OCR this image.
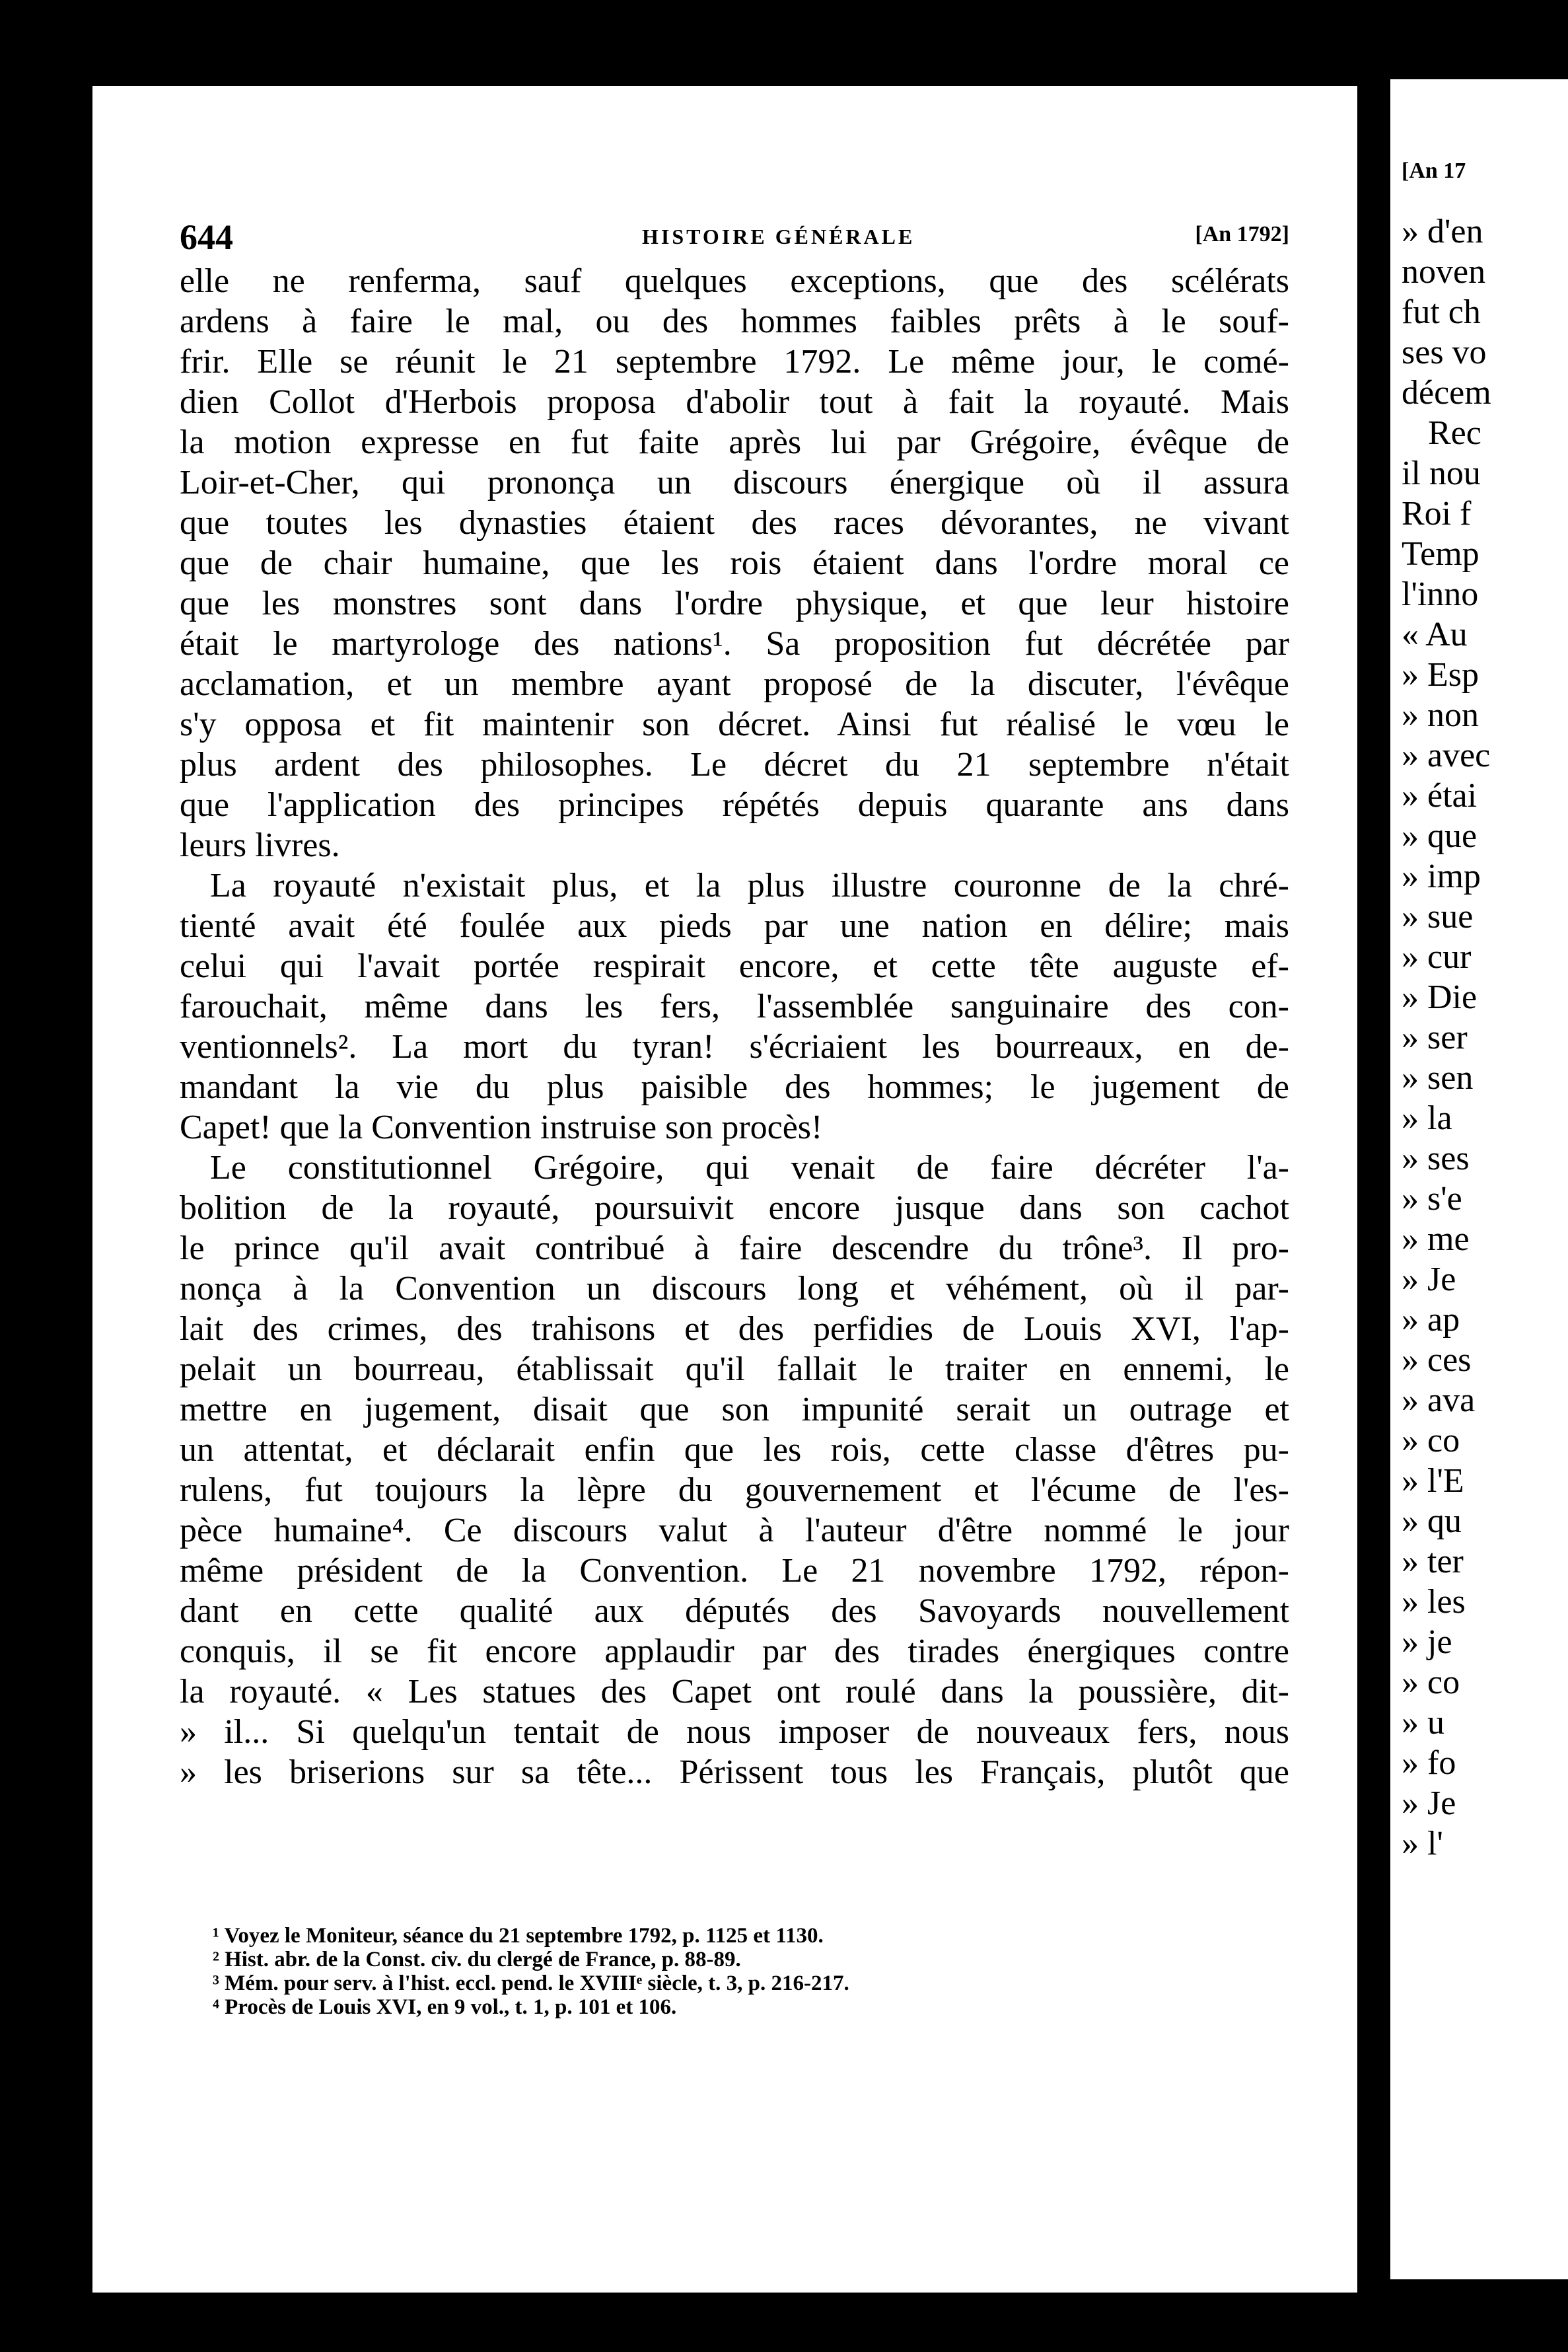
644	HISTOIRE GÉNÉRALE	[An 1792]
elle ne renferma, sauf quelques exceptions, que des scélérats
ardens à faire le mal, ou des hommes faibles prêts à le souf-
frir. Elle se réunit le 21 septembre 1792. Le même jour, le comé-
dien Collot d'Herbois proposa d'abolir tout à fait la royauté. Mais
la motion expresse en fut faite après lui par Grégoire, évêque de
Loir-et-Cher, qui prononça un discours énergique où il assura
que toutes les dynasties étaient des races dévorantes, ne vivant
que de chair humaine, que les rois étaient dans l'ordre moral ce
que les monstres sont dans l'ordre physique, et que leur histoire
était le martyrologe des nations¹. Sa proposition fut décrétée par
acclamation, et un membre ayant proposé de la discuter, l'évêque
s'y opposa et fit maintenir son décret. Ainsi fut réalisé le vœu le
plus ardent des philosophes. Le décret du 21 septembre n'était
que l'application des principes répétés depuis quarante ans dans
leurs livres.
La royauté n'existait plus, et la plus illustre couronne de la chré-
tienté avait été foulée aux pieds par une nation en délire; mais
celui qui l'avait portée respirait encore, et cette tête auguste ef-
farouchait, même dans les fers, l'assemblée sanguinaire des con-
ventionnels². La mort du tyran! s'écriaient les bourreaux, en de-
mandant la vie du plus paisible des hommes; le jugement de
Capet! que la Convention instruise son procès!
Le constitutionnel Grégoire, qui venait de faire décréter l'a-
bolition de la royauté, poursuivit encore jusque dans son cachot
le prince qu'il avait contribué à faire descendre du trône³. Il pro-
nonça à la Convention un discours long et véhément, où il par-
lait des crimes, des trahisons et des perfidies de Louis XVI, l'ap-
pelait un bourreau, établissait qu'il fallait le traiter en ennemi, le
mettre en jugement, disait que son impunité serait un outrage et
un attentat, et déclarait enfin que les rois, cette classe d'êtres pu-
rulens, fut toujours la lèpre du gouvernement et l'écume de l'es-
pèce humaine⁴. Ce discours valut à l'auteur d'être nommé le jour
même président de la Convention. Le 21 novembre 1792, répon-
dant en cette qualité aux députés des Savoyards nouvellement
conquis, il se fit encore applaudir par des tirades énergiques contre
la royauté. « Les statues des Capet ont roulé dans la poussière, dit-
» il... Si quelqu'un tentait de nous imposer de nouveaux fers, nous
» les briserions sur sa tête... Périssent tous les Français, plutôt que
¹ Voyez le Moniteur, séance du 21 septembre 1792, p. 1125 et 1130.
² Hist. abr. de la Const. civ. du clergé de France, p. 88-89.
³ Mém. pour serv. à l'hist. eccl. pend. le XVIIIᵉ siècle, t. 3, p. 216-217.
⁴ Procès de Louis XVI, en 9 vol., t. 1, p. 101 et 106.
[An 17
» d'en
noven
fut ch
ses vo
décem
Rec
il nou
Roi f
Temp
l'inno
« Au
» Esp
» non
» avec
» étai
» que
» imp
» sue
» cur
» Die
» ser
» sen
» la
» ses
» s'e
» me
» Je
» ap
» ces
» ava
» co
» l'E
» qu
» ter
» les
» je
» co
» u
» fo
» Je
» l'
